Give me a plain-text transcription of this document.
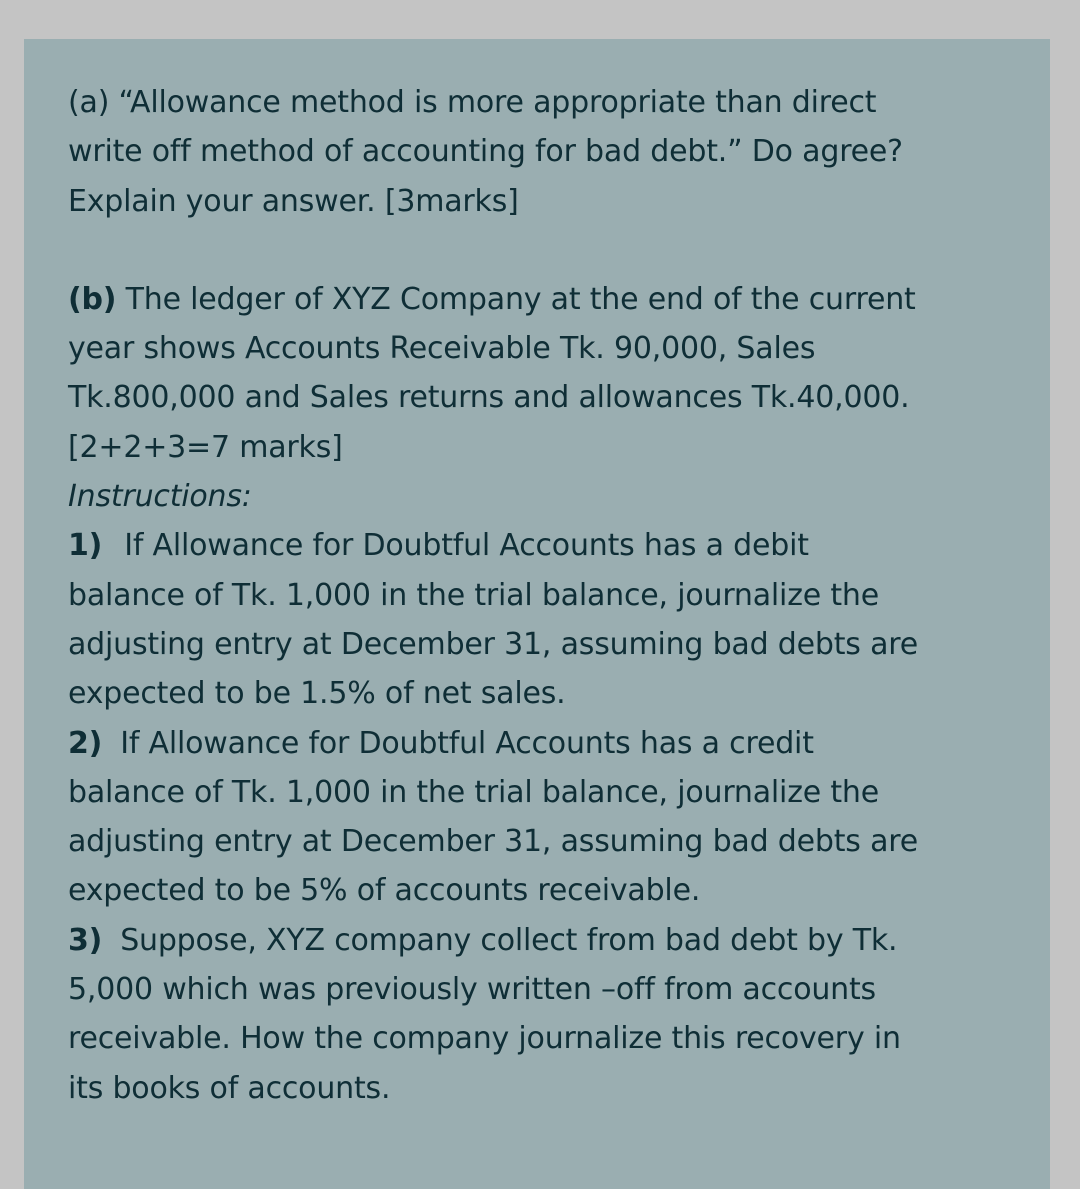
(a) “Allowance method is more appropriate than direct

write off method of accounting for bad debt.” Do agree?

Explain your answer. [3marks]

(b) The ledger of XYZ Company at the end of the current

year shows Accounts Receivable Tk. 90,000, Sales

Tk.800,000 and Sales returns and allowances Tk.40,000.

[2+2+3=7 marks]

Instructions:

1) If Allowance for Doubtful Accounts has a debit

balance of Tk. 1,000 in the trial balance, journalize the

adjusting entry at December 31, assuming bad debts are

expected to be 1.5% of net sales.

2) If Allowance for Doubtful Accounts has a credit

balance of Tk. 1,000 in the trial balance, journalize the

adjusting entry at December 31, assuming bad debts are

expected to be 5% of accounts receivable.

3) Suppose, XYZ company collect from bad debt by Tk.

5,000 which was previously written –off from accounts

receivable. How the company journalize this recovery in

its books of accounts.
